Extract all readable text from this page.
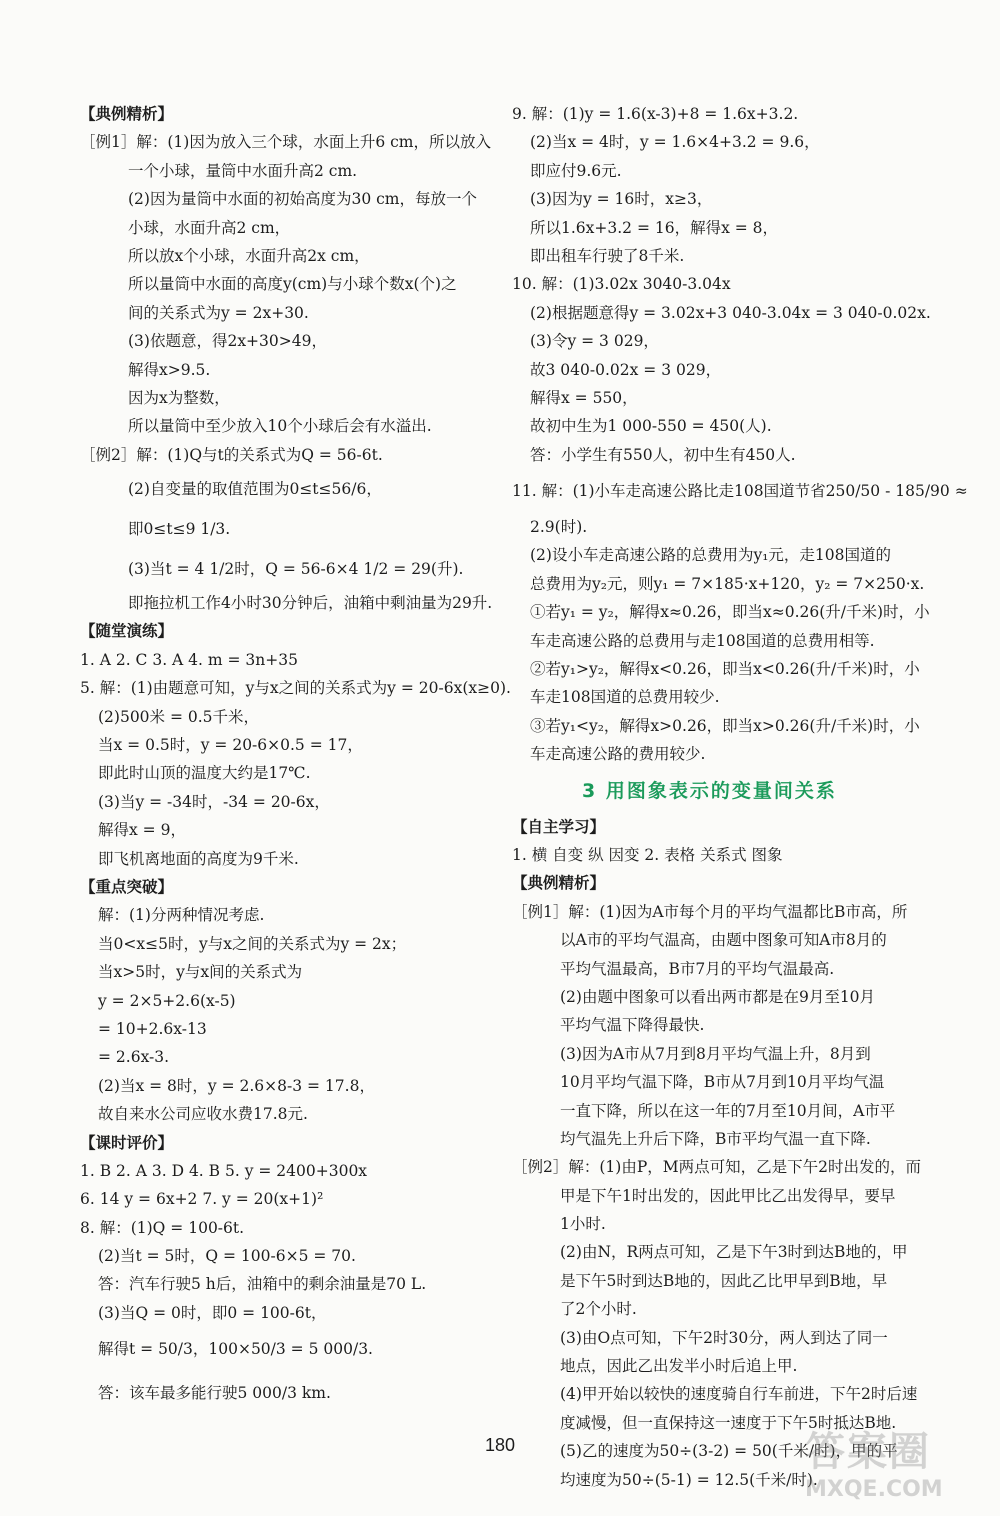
【典例精析】
［例1］解：(1)因为放入三个球，水面上升6 cm，所以放入
一个小球，量筒中水面升高2 cm.
(2)因为量筒中水面的初始高度为30 cm，每放一个
小球，水面升高2 cm，
所以放x个小球，水面升高2x cm，
所以量筒中水面的高度y(cm)与小球个数x(个)之
间的关系式为y = 2x+30.
(3)依题意，得2x+30>49，
解得x>9.5.
因为x为整数，
所以量筒中至少放入10个小球后会有水溢出.
［例2］解：(1)Q与t的关系式为Q = 56-6t.
(2)自变量的取值范围为0≤t≤56/6，
即0≤t≤9 1/3.
(3)当t = 4 1/2时，Q = 56-6×4 1/2 = 29(升).
即拖拉机工作4小时30分钟后，油箱中剩油量为29升.
【随堂演练】
1. A 2. C 3. A 4. m = 3n+35
5. 解：(1)由题意可知，y与x之间的关系式为y = 20-6x(x≥0).
(2)500米 = 0.5千米，
当x = 0.5时，y = 20-6×0.5 = 17，
即此时山顶的温度大约是17℃.
(3)当y = -34时，-34 = 20-6x，
解得x = 9，
即飞机离地面的高度为9千米.
【重点突破】
解：(1)分两种情况考虑.
当0<x≤5时，y与x之间的关系式为y = 2x；
当x>5时，y与x间的关系式为
y = 2×5+2.6(x-5)
= 10+2.6x-13
= 2.6x-3.
(2)当x = 8时，y = 2.6×8-3 = 17.8，
故自来水公司应收水费17.8元.
【课时评价】
1. B 2. A 3. D 4. B 5. y = 2400+300x
6. 14 y = 6x+2 7. y = 20(x+1)²
8. 解：(1)Q = 100-6t.
(2)当t = 5时，Q = 100-6×5 = 70.
答：汽车行驶5 h后，油箱中的剩余油量是70 L.
(3)当Q = 0时，即0 = 100-6t，
解得t = 50/3，100×50/3 = 5 000/3.
答：该车最多能行驶5 000/3 km.
9. 解：(1)y = 1.6(x-3)+8 = 1.6x+3.2.
(2)当x = 4时，y = 1.6×4+3.2 = 9.6，
即应付9.6元.
(3)因为y = 16时，x≥3，
所以1.6x+3.2 = 16，解得x = 8，
即出租车行驶了8千米.
10. 解：(1)3.02x 3040-3.04x
(2)根据题意得y = 3.02x+3 040-3.04x = 3 040-0.02x.
(3)令y = 3 029，
故3 040-0.02x = 3 029，
解得x = 550，
故初中生为1 000-550 = 450(人).
答：小学生有550人，初中生有450人.
11. 解：(1)小车走高速公路比走108国道节省250/50 - 185/90 ≈
2.9(时).
(2)设小车走高速公路的总费用为y₁元，走108国道的
总费用为y₂元，则y₁ = 7×185·x+120，y₂ = 7×250·x.
①若y₁ = y₂，解得x≈0.26，即当x≈0.26(升/千米)时，小
车走高速公路的总费用与走108国道的总费用相等.
②若y₁>y₂，解得x<0.26，即当x<0.26(升/千米)时，小
车走108国道的总费用较少.
③若y₁<y₂，解得x>0.26，即当x>0.26(升/千米)时，小
车走高速公路的费用较少.
3 用图象表示的变量间关系
【自主学习】
1. 横 自变 纵 因变 2. 表格 关系式 图象
【典例精析】
［例1］解：(1)因为A市每个月的平均气温都比B市高，所
以A市的平均气温高，由题中图象可知A市8月的
平均气温最高，B市7月的平均气温最高.
(2)由题中图象可以看出两市都是在9月至10月
平均气温下降得最快.
(3)因为A市从7月到8月平均气温上升，8月到
10月平均气温下降，B市从7月到10月平均气温
一直下降，所以在这一年的7月至10月间，A市平
均气温先上升后下降，B市平均气温一直下降.
［例2］解：(1)由P，M两点可知，乙是下午2时出发的，而
甲是下午1时出发的，因此甲比乙出发得早，要早
1小时.
(2)由N，R两点可知，乙是下午3时到达B地的，甲
是下午5时到达B地的，因此乙比甲早到B地，早
了2个小时.
(3)由O点可知，下午2时30分，两人到达了同一
地点，因此乙出发半小时后追上甲.
(4)甲开始以较快的速度骑自行车前进，下午2时后速
度减慢，但一直保持这一速度于下午5时抵达B地.
(5)乙的速度为50÷(3-2) = 50(千米/时)，甲的平
均速度为50÷(5-1) = 12.5(千米/时).
180	答案圈
MXQE.COM
